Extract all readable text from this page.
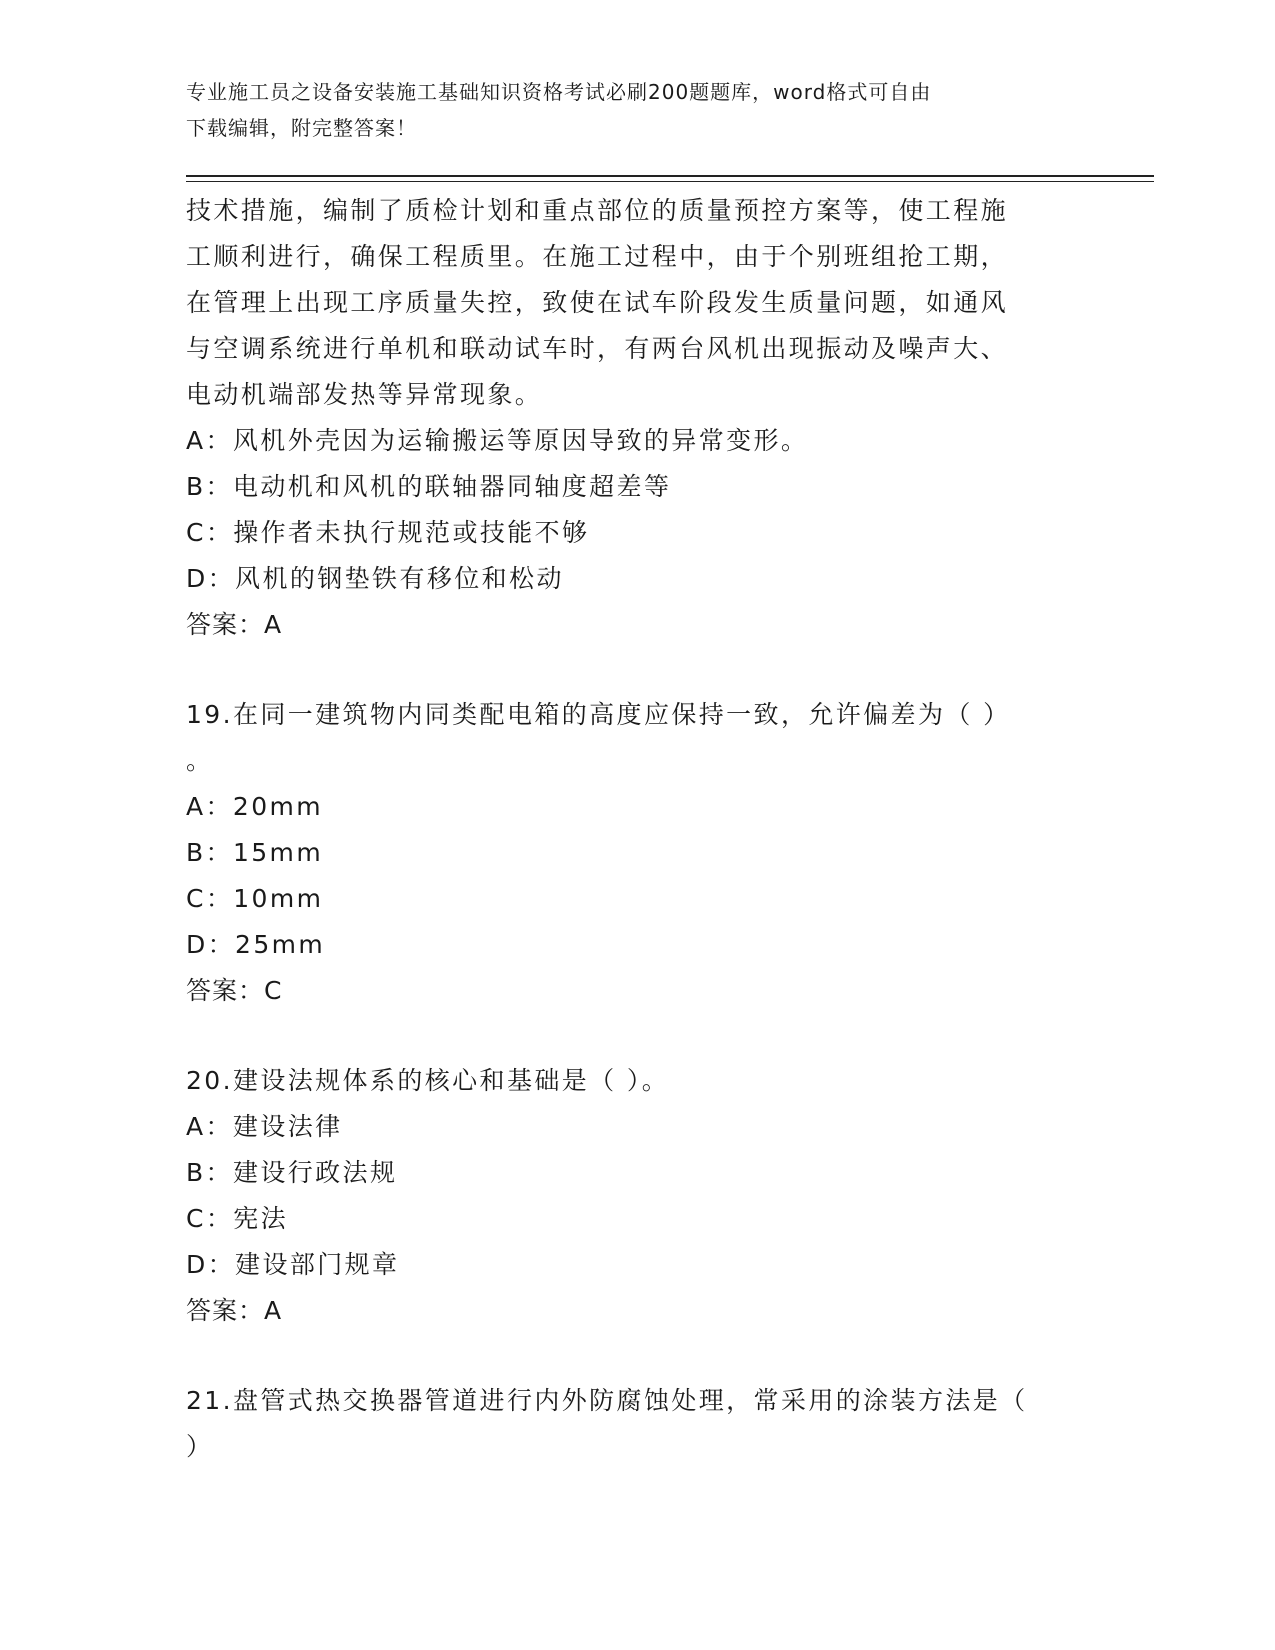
专业施工员之设备安装施工基础知识资格考试必刷200题题库，word格式可自由
下载编辑，附完整答案！
技术措施，编制了质检计划和重点部位的质量预控方案等，使工程施
工顺利进行，确保工程质里。在施工过程中，由于个别班组抢工期，
在管理上出现工序质量失控，致使在试车阶段发生质量问题，如通风
与空调系统进行单机和联动试车时，有两台风机出现振动及噪声大、
电动机端部发热等异常现象。
A：风机外壳因为运输搬运等原因导致的异常变形。
B：电动机和风机的联轴器同轴度超差等
C：操作者未执行规范或技能不够
D：风机的钢垫铁有移位和松动
答案：A
19.在同一建筑物内同类配电箱的高度应保持一致，允许偏差为（ ）
。
A：20mm
B：15mm
C：10mm
D：25mm
答案：C
20.建设法规体系的核心和基础是（ ）。
A：建设法律
B：建设行政法规
C：宪法
D：建设部门规章
答案：A
21.盘管式热交换器管道进行内外防腐蚀处理，常采用的涂装方法是（
）
